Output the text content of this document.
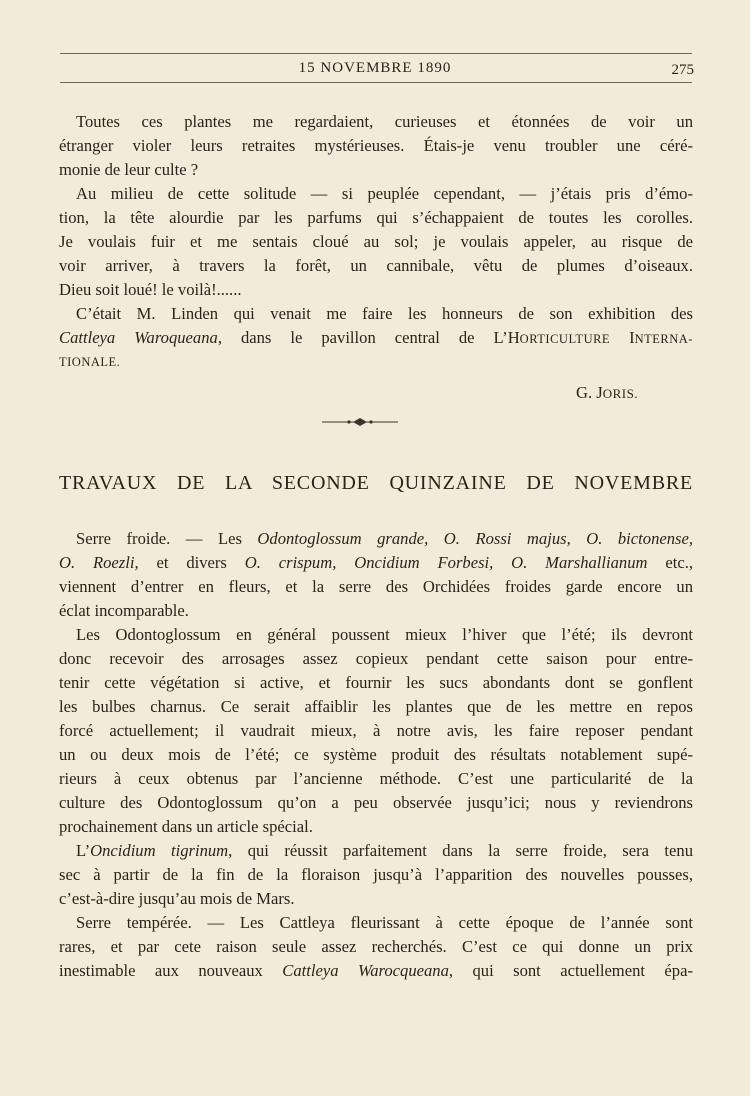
15 NOVEMBRE 1890	275
Toutes ces plantes me regardaient, curieuses et étonnées de voir un
étranger violer leurs retraites mystérieuses. Étais-je venu troubler une céré-
monie de leur culte ?
Au milieu de cette solitude — si peuplée cependant, — j’étais pris d’émo-
tion, la tête alourdie par les parfums qui s’échappaient de toutes les corolles.
Je voulais fuir et me sentais cloué au sol; je voulais appeler, au risque de
voir arriver, à travers la forêt, un cannibale, vêtu de plumes d’oiseaux.
Dieu soit loué! le voilà!......
C’était M. Linden qui venait me faire les honneurs de son exhibition des
Cattleya Waroqueana, dans le pavillon central de L’HORTICULTURE INTERNA-
TIONALE.
G. JORIS.
TRAVAUX DE LA SECONDE QUINZAINE DE NOVEMBRE
Serre froide. — Les Odontoglossum grande, O. Rossi majus, O. bictonense,
O. Roezli, et divers O. crispum, Oncidium Forbesi, O. Marshallianum etc.,
viennent d’entrer en fleurs, et la serre des Orchidées froides garde encore un
éclat incomparable.
Les Odontoglossum en général poussent mieux l’hiver que l’été; ils devront
donc recevoir des arrosages assez copieux pendant cette saison pour entre-
tenir cette végétation si active, et fournir les sucs abondants dont se gonflent
les bulbes charnus. Ce serait affaiblir les plantes que de les mettre en repos
forcé actuellement; il vaudrait mieux, à notre avis, les faire reposer pendant
un ou deux mois de l’été; ce système produit des résultats notablement supé-
rieurs à ceux obtenus par l’ancienne méthode. C’est une particularité de la
culture des Odontoglossum qu’on a peu observée jusqu’ici; nous y reviendrons
prochainement dans un article spécial.
L’Oncidium tigrinum, qui réussit parfaitement dans la serre froide, sera tenu
sec à partir de la fin de la floraison jusqu’à l’apparition des nouvelles pousses,
c’est-à-dire jusqu’au mois de Mars.
Serre tempérée. — Les Cattleya fleurissant à cette époque de l’année sont
rares, et par cete raison seule assez recherchés. C’est ce qui donne un prix
inestimable aux nouveaux Cattleya Warocqueana, qui sont actuellement épa-
